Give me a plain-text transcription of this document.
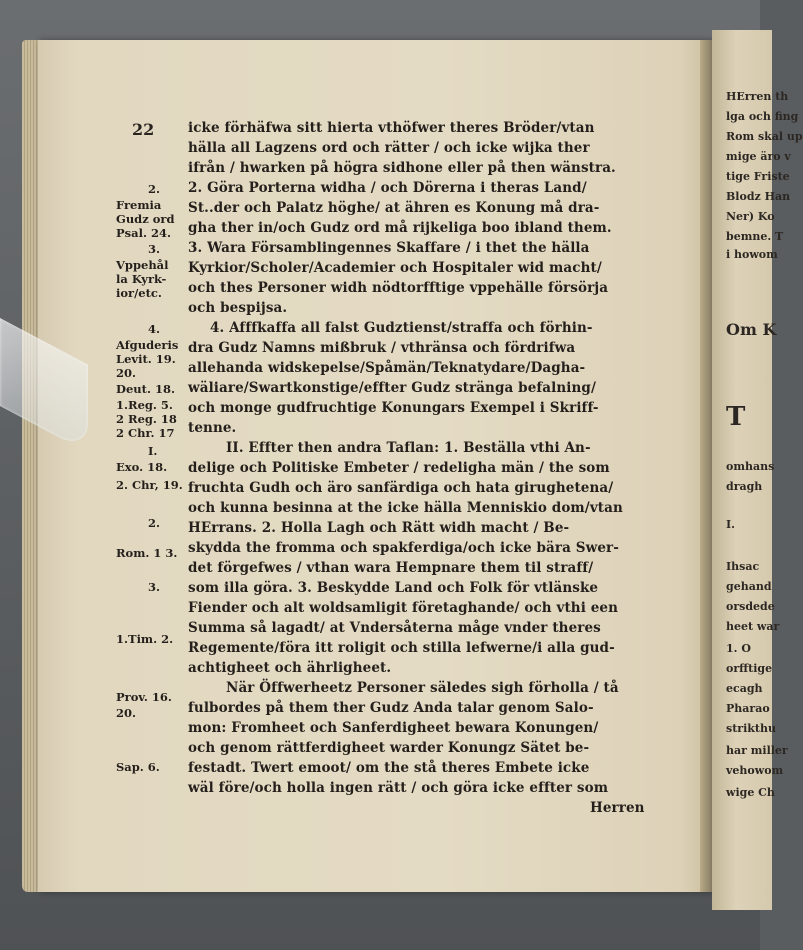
HErren th
lga och fing
Rom skal up
mige äro v
tige Friste
Blodz Han
Ner) Ko
bemne. T
i howom
Om K
T
omhans
dragh
I.
Ihsac
gehand
orsdede
heet war
1. O
orfftige
ecagh
Pharao
strikthu
har miller
vehowom
wige Ch
22 icke förhäfwa sitt hierta vthöfwer theres Bröder/vtan
hälla all Lagzens ord och rätter / och icke wijka ther
ifrån / hwarken på högra sidhone eller på then wänstra.
2. Göra Porterna widha / och Dörerna i theras Land/
St..der och Palatz höghe/ at ähren es Konung må dra-
gha ther in/och Gudz ord må rijkeliga boo ibland them.
3. Wara Församblingennes Skaffare / i thet the hälla
Kyrkior/Scholer/Academier och Hospitaler wid macht/
och thes Personer widh nödtorfftige vppehälle försörja
och bespijsa.
4. Afffkaffa all falst Gudztienst/straffa och förhin-
dra Gudz Namns mißbruk / vthränsa och fördrifwa
allehanda widskepelse/Spåmän/Teknatydare/Dagha-
wäliare/Swartkonstige/effter Gudz stränga befalning/
och monge gudfruchtige Konungars Exempel i Skriff-
tenne.
II. Effter then andra Taflan: 1. Beställa vthi An-
delige och Politiske Embeter / redeligha män / the som
fruchta Gudh och äro sanfärdiga och hata girughetena/
och kunna besinna at the icke hälla Menniskio dom/vtan
HErrans. 2. Holla Lagh och Rätt widh macht / Be-
skydda the fromma och spakferdiga/och icke bära Swer-
det förgefwes / vthan wara Hempnare them til straff/
som illa göra. 3. Beskydde Land och Folk för vtlänske
Fiender och alt woldsamligit företaghande/ och vthi een
Summa så lagadt/ at Vndersåterna måge vnder theres
Regemente/föra itt roligit och stilla lefwerne/i alla gud-
achtigheet och ährligheet.
När Öffwerheetz Personer säledes sigh förholla / tå
fulbordes på them ther Gudz Anda talar genom Salo-
mon: Fromheet och Sanferdigheet bewara Konungen/
och genom rättferdigheet warder Konungz Sätet be-
festadt. Twert emoot/ om the stå theres Embete icke
wäl före/och holla ingen rätt / och göra icke effter som
Herren
2.
Fremia
Gudz ord
Psal. 24.
3.
Vppehål
la Kyrk-
ior/etc.
4.
Afguderis
Levit. 19.
20.
Deut. 18.
1.Reg. 5.
2 Reg. 18
2 Chr. 17
I.
Exo. 18.
2. Chr, 19.
2.
Rom. 1 3.
3.
1.Tim. 2.
Prov. 16.
20.
Sap. 6.
